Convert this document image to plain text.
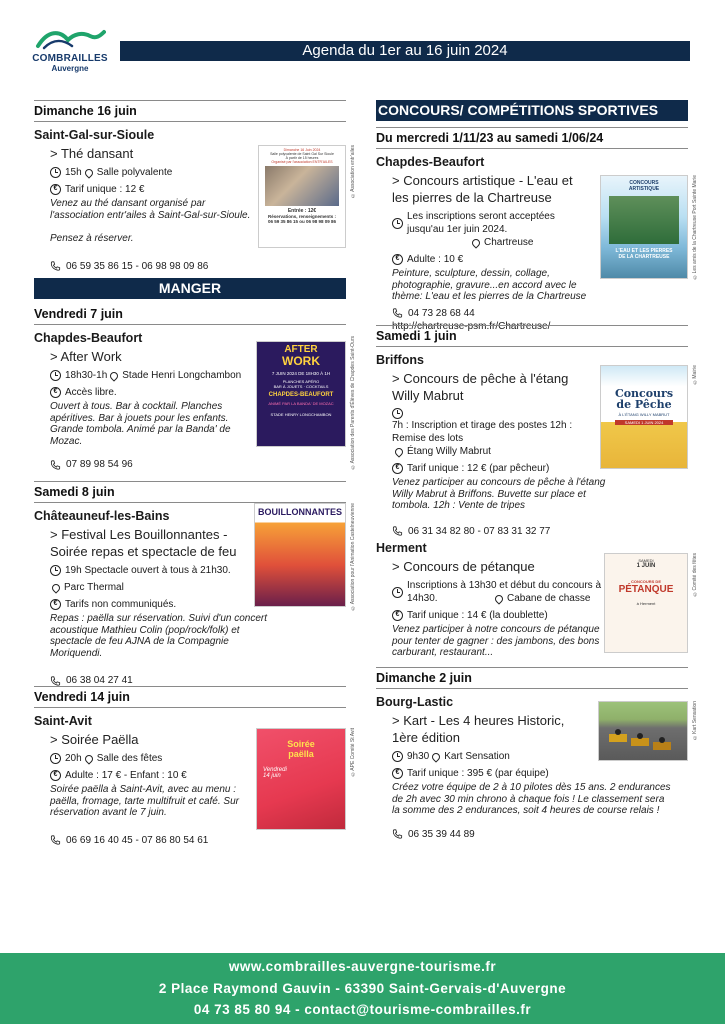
COMBRAILLES
Auvergne
Agenda du 1er au 16 juin 2024
Dimanche 16 juin
Saint-Gal-sur-Sioule
> Thé dansant
15h Salle polyvalente
€ Tarif unique : 12 €
Venez au thé dansant organisé par l'association entr'ailes à Saint-Gal-sur-Sioule.
Pensez à réserver.
06 59 35 86 15 - 06 98 98 09 86
Dimanche 16 Juin 2024
Salle polyvalente de Saint Gal Sur Sioule
À partir de 15 heures
Organisé par l'association ENTR'AILES
Entrée : 12€
Réservations, renseignements :
06 59 35 86 15 ou 06 98 98 09 86
©Association entr'ailes
MANGER
Vendredi 7 juin
Chapdes-Beaufort
> After Work
18h30-1h Stade Henri Longchambon
€ Accès libre.
Ouvert à tous. Bar à cocktail. Planches apéritives. Bar à jouets pour les enfants. Grande tombola. Animé par la Banda' de Mozac.
07 89 98 54 96
AFTER
WORK
7 JUIN 2024 DE 18H30 À 1H
PLANCHES APÉRO
BAR À JOUETS · COCKTAILS
CHAPDES-BEAUFORT
ANIMÉ PAR LA BANDA' DE MOZAC
STADE HENRY LONGCHAMBON	©Association des Parents d'Élèves de Chapdes Saint-Ours
Samedi 8 juin
Châteauneuf-les-Bains
> Festival Les Bouillonnantes -
Soirée repas et spectacle de feu
19h Spectacle ouvert à tous à 21h30.
Parc Thermal
€ Tarifs non communiqués.
Repas : paëlla sur réservation. Suivi d'un concert acoustique Mathieu Colin (pop/rock/folk) et spectacle de feu AJNA de la Compagnie Moriquendi.
06 38 04 27 41
BOUILLONNANTES	©Association pour l'Animation Castelneuvienne
Vendredi 14 juin
Saint-Avit
> Soirée Paëlla
20h Salle des fêtes
€ Adulte : 17 € - Enfant : 10 €
Soirée paëlla à Saint-Avit, avec au menu : paëlla, fromage, tarte multifruit et café. Sur réservation avant le 7 juin.
06 69 16 40 45 - 07 86 80 54 61
Soirée
paëlla
Vendredi
14 juin	©APE Comité St Avit
CONCOURS/ COMPÉTITIONS SPORTIVES
Du mercredi 1/11/23 au samedi 1/06/24
Chapdes-Beaufort
> Concours artistique - L'eau et
les pierres de la Chartreuse
Les inscriptions seront acceptées jusqu'au 1er juin 2024.
Chartreuse
€ Adulte : 10 €
Peinture, sculpture, dessin, collage, photographie, gravure...en accord avec le thème: L'eau et les pierres de la Chartreuse
04 73 28 68 44
http://chartreuse-psm.fr/Chartreuse/
CONCOURS
ARTISTIQUE
L'EAU ET LES PIERRES
DE LA CHARTREUSE	©Les amis de la Chartreuse Port Sainte Marie
Samedi 1 juin
Briffons
> Concours de pêche à l'étang
Willy Mabrut
7h : Inscription et tirage des postes 12h : Remise des lots
Étang Willy Mabrut
€ Tarif unique : 12 € (par pêcheur)
Venez participer au concours de pêche à l'étang Willy Mabrut à Briffons. Buvette sur place et tombola. 12h : Vente de tripes
06 31 34 82 80 - 07 83 31 32 77
Concours
de Pêche
À L'ÉTANG WILLY MABRUT
SAMEDI 1 JUIN 2024
©Mairie
Herment
> Concours de pétanque
Inscriptions à 13h30 et début du concours à 14h30.	Cabane de chasse
€ Tarif unique : 14 € (la doublette)
Venez participer à notre concours de pétanque pour tenter de gagner : des jambons, des bons carburant, restaurant...
SAMEDI
1 JUIN
CONCOURS DE
PÉTANQUE
à Herment
©Comité des fêtes
Dimanche 2 juin
Bourg-Lastic
> Kart - Les 4 heures Historic,
1ère édition
9h30 Kart Sensation
€ Tarif unique : 395 € (par équipe)
Créez votre équipe de 2 à 10 pilotes dès 15 ans. 2 endurances de 2h avec 30 min chrono à chaque fois ! Le classement sera la somme des 2 endurances, soit 4 heures de course relais !
06 35 39 44 89
©Kart Sensation
www.combrailles-auvergne-tourisme.fr
2 Place Raymond Gauvin - 63390 Saint-Gervais-d'Auvergne
04 73 85 80 94 - contact@tourisme-combrailles.fr
